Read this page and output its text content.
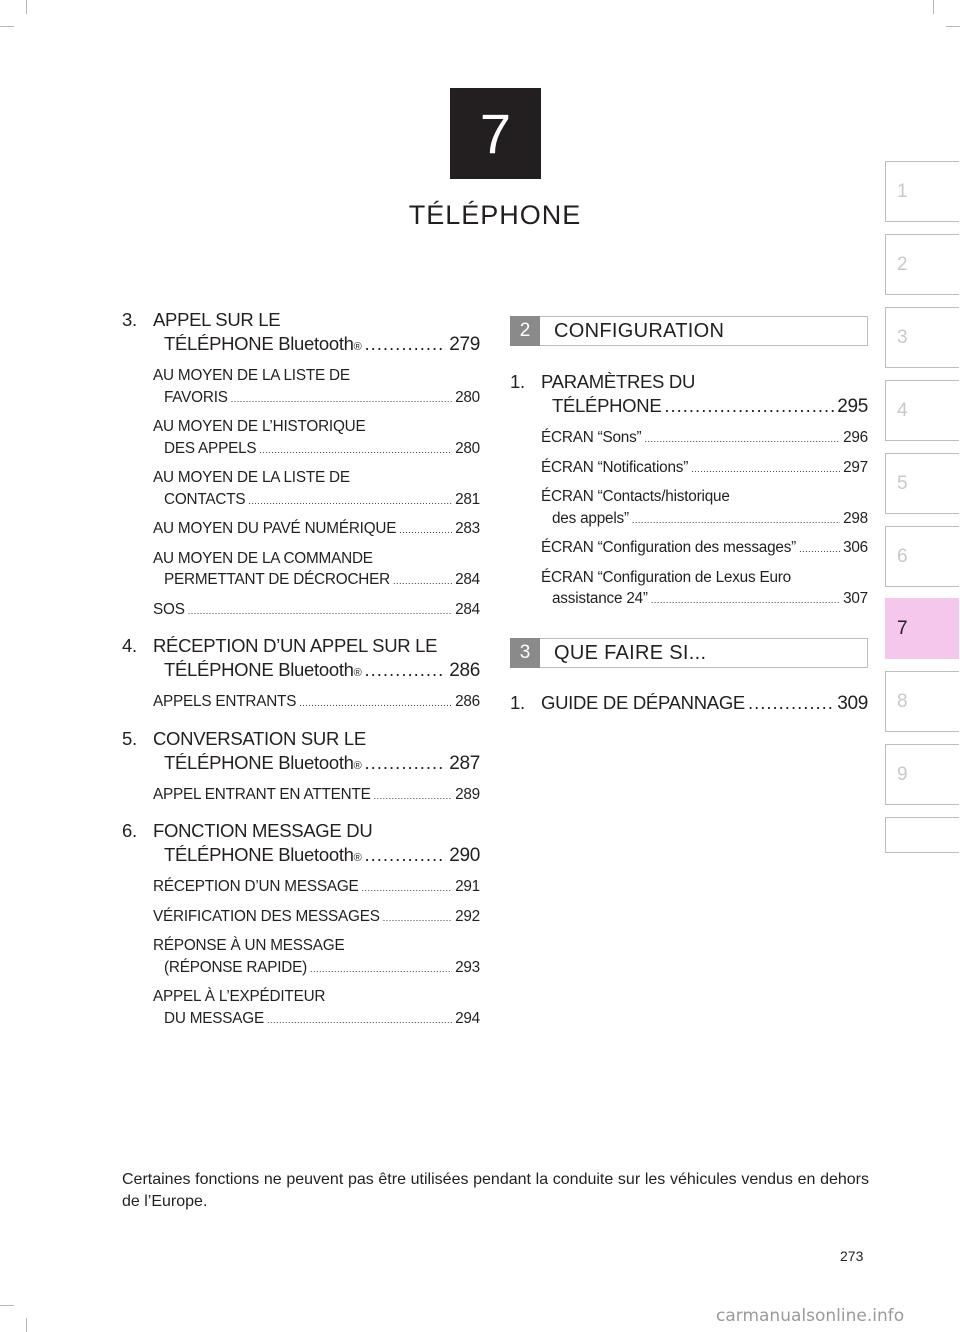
7
TÉLÉPHONE
1
2
3
4
5
6
7
8
9
3. APPEL SUR LE
TÉLÉPHONE Bluetooth ® .....	279
AU MOYEN DE LA LISTE DE
FAVORIS .....	280
AU MOYEN DE L’HISTORIQUE
DES APPELS .....	280
AU MOYEN DE LA LISTE DE
CONTACTS .....	281
AU MOYEN DU PAVÉ NUMÉRIQUE .....	283
AU MOYEN DE LA COMMANDE
PERMETTANT DE DÉCROCHER .....	284
SOS .....	284
4. RÉCEPTION D’UN APPEL SUR LE
TÉLÉPHONE Bluetooth ® .....	286
APPELS ENTRANTS .....	286
5. CONVERSATION SUR LE
TÉLÉPHONE Bluetooth ® .....	287
APPEL ENTRANT EN ATTENTE .....	289
6. FONCTION MESSAGE DU
TÉLÉPHONE Bluetooth ® .....	290
RÉCEPTION D’UN MESSAGE .....	291
VÉRIFICATION DES MESSAGES .....	292
RÉPONSE À UN MESSAGE
(RÉPONSE RAPIDE) .....	293
APPEL À L’EXPÉDITEUR
DU MESSAGE .....	294
2	CONFIGURATION
1. PARAMÈTRES DU
TÉLÉPHONE .....	295
ÉCRAN “Sons” .....	296
ÉCRAN “Notifications” .....	297
ÉCRAN “Contacts/historique
des appels” .....	298
ÉCRAN “Configuration des messages” .....	306
ÉCRAN “Configuration de Lexus Euro
assistance 24” .....	307
3	QUE FAIRE SI...
1. GUIDE DE DÉPANNAGE .....	309
Certaines fonctions ne peuvent pas être utilisées pendant la conduite sur les véhicules vendus en dehors de l’Europe.
273
carmanualsonline.info
